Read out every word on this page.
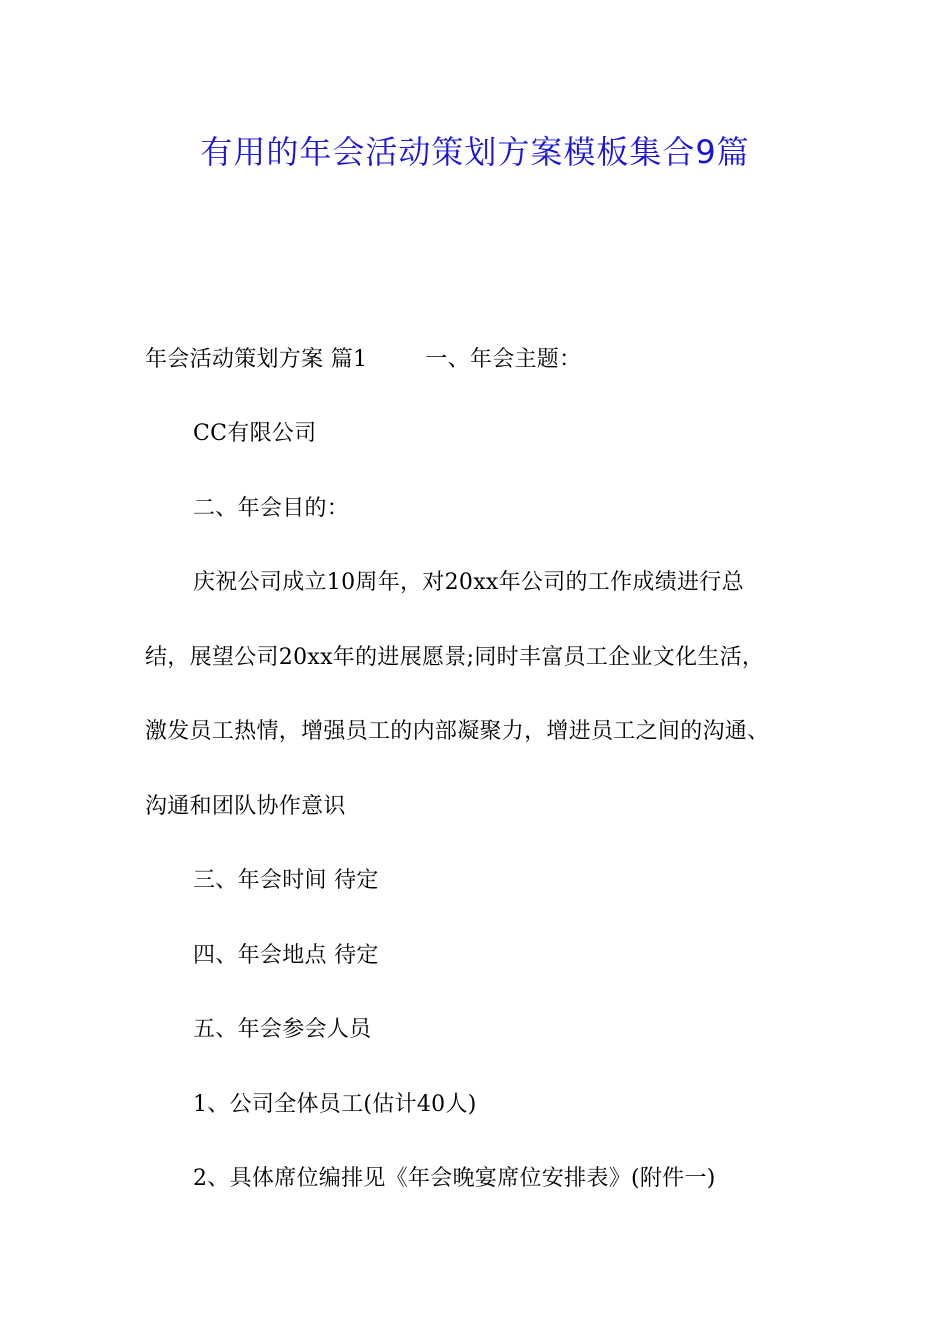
有用的年会活动策划方案模板集合9篇
年会活动策划方案 篇1	一、年会主题：
CC有限公司
二、年会目的：
庆祝公司成立10周年，对20xx年公司的工作成绩进行总
结，展望公司20xx年的进展愿景;同时丰富员工企业文化生活，
激发员工热情，增强员工的内部凝聚力，增进员工之间的沟通、
沟通和团队协作意识
三、年会时间 待定
四、年会地点 待定
五、年会参会人员
1、公司全体员工(估计40人)
2、具体席位编排见《年会晚宴席位安排表》(附件一)
